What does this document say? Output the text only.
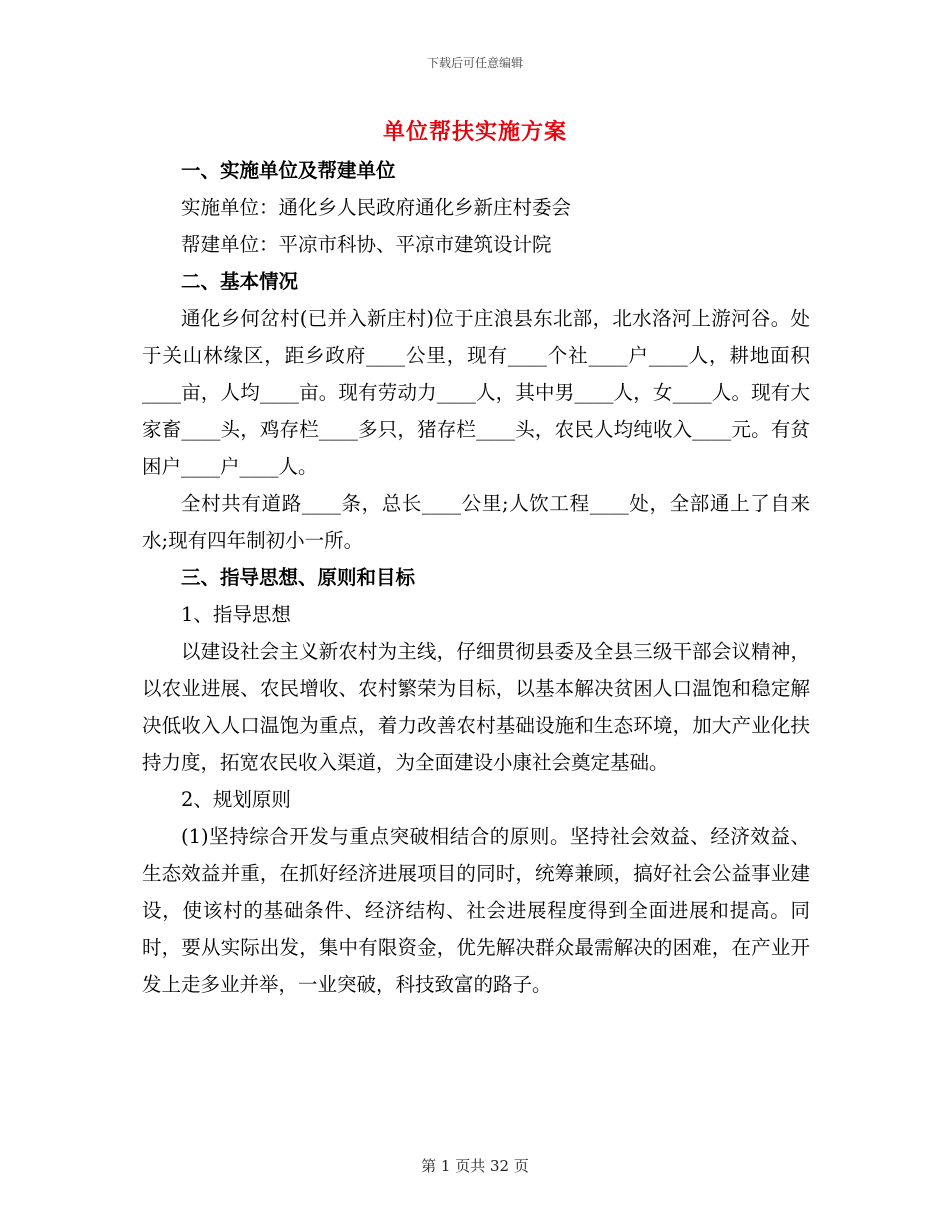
下载后可任意编辑
单位帮扶实施方案

一、实施单位及帮建单位

实施单位：通化乡人民政府通化乡新庄村委会

帮建单位：平凉市科协、平凉市建筑设计院

二、基本情况

通化乡何岔村(已并入新庄村)位于庄浪县东北部，北水洛河上游河谷。处于关山林缘区，距乡政府____公里，现有____个社____户____人，耕地面积____亩，人均____亩。现有劳动力____人，其中男____人，女____人。现有大家畜____头，鸡存栏____多只，猪存栏____头，农民人均纯收入____元。有贫困户____户____人。

全村共有道路____条，总长____公里;人饮工程____处，全部通上了自来水;现有四年制初小一所。

三、指导思想、原则和目标

1、指导思想

以建设社会主义新农村为主线，仔细贯彻县委及全县三级干部会议精神，以农业进展、农民增收、农村繁荣为目标，以基本解决贫困人口温饱和稳定解决低收入人口温饱为重点，着力改善农村基础设施和生态环境，加大产业化扶持力度，拓宽农民收入渠道，为全面建设小康社会奠定基础。

2、规划原则

(1)坚持综合开发与重点突破相结合的原则。坚持社会效益、经济效益、生态效益并重，在抓好经济进展项目的同时，统筹兼顾，搞好社会公益事业建设，使该村的基础条件、经济结构、社会进展程度得到全面进展和提高。同时，要从实际出发，集中有限资金，优先解决群众最需解决的困难，在产业开发上走多业并举，一业突破，科技致富的路子。

第 1 页共 32 页
